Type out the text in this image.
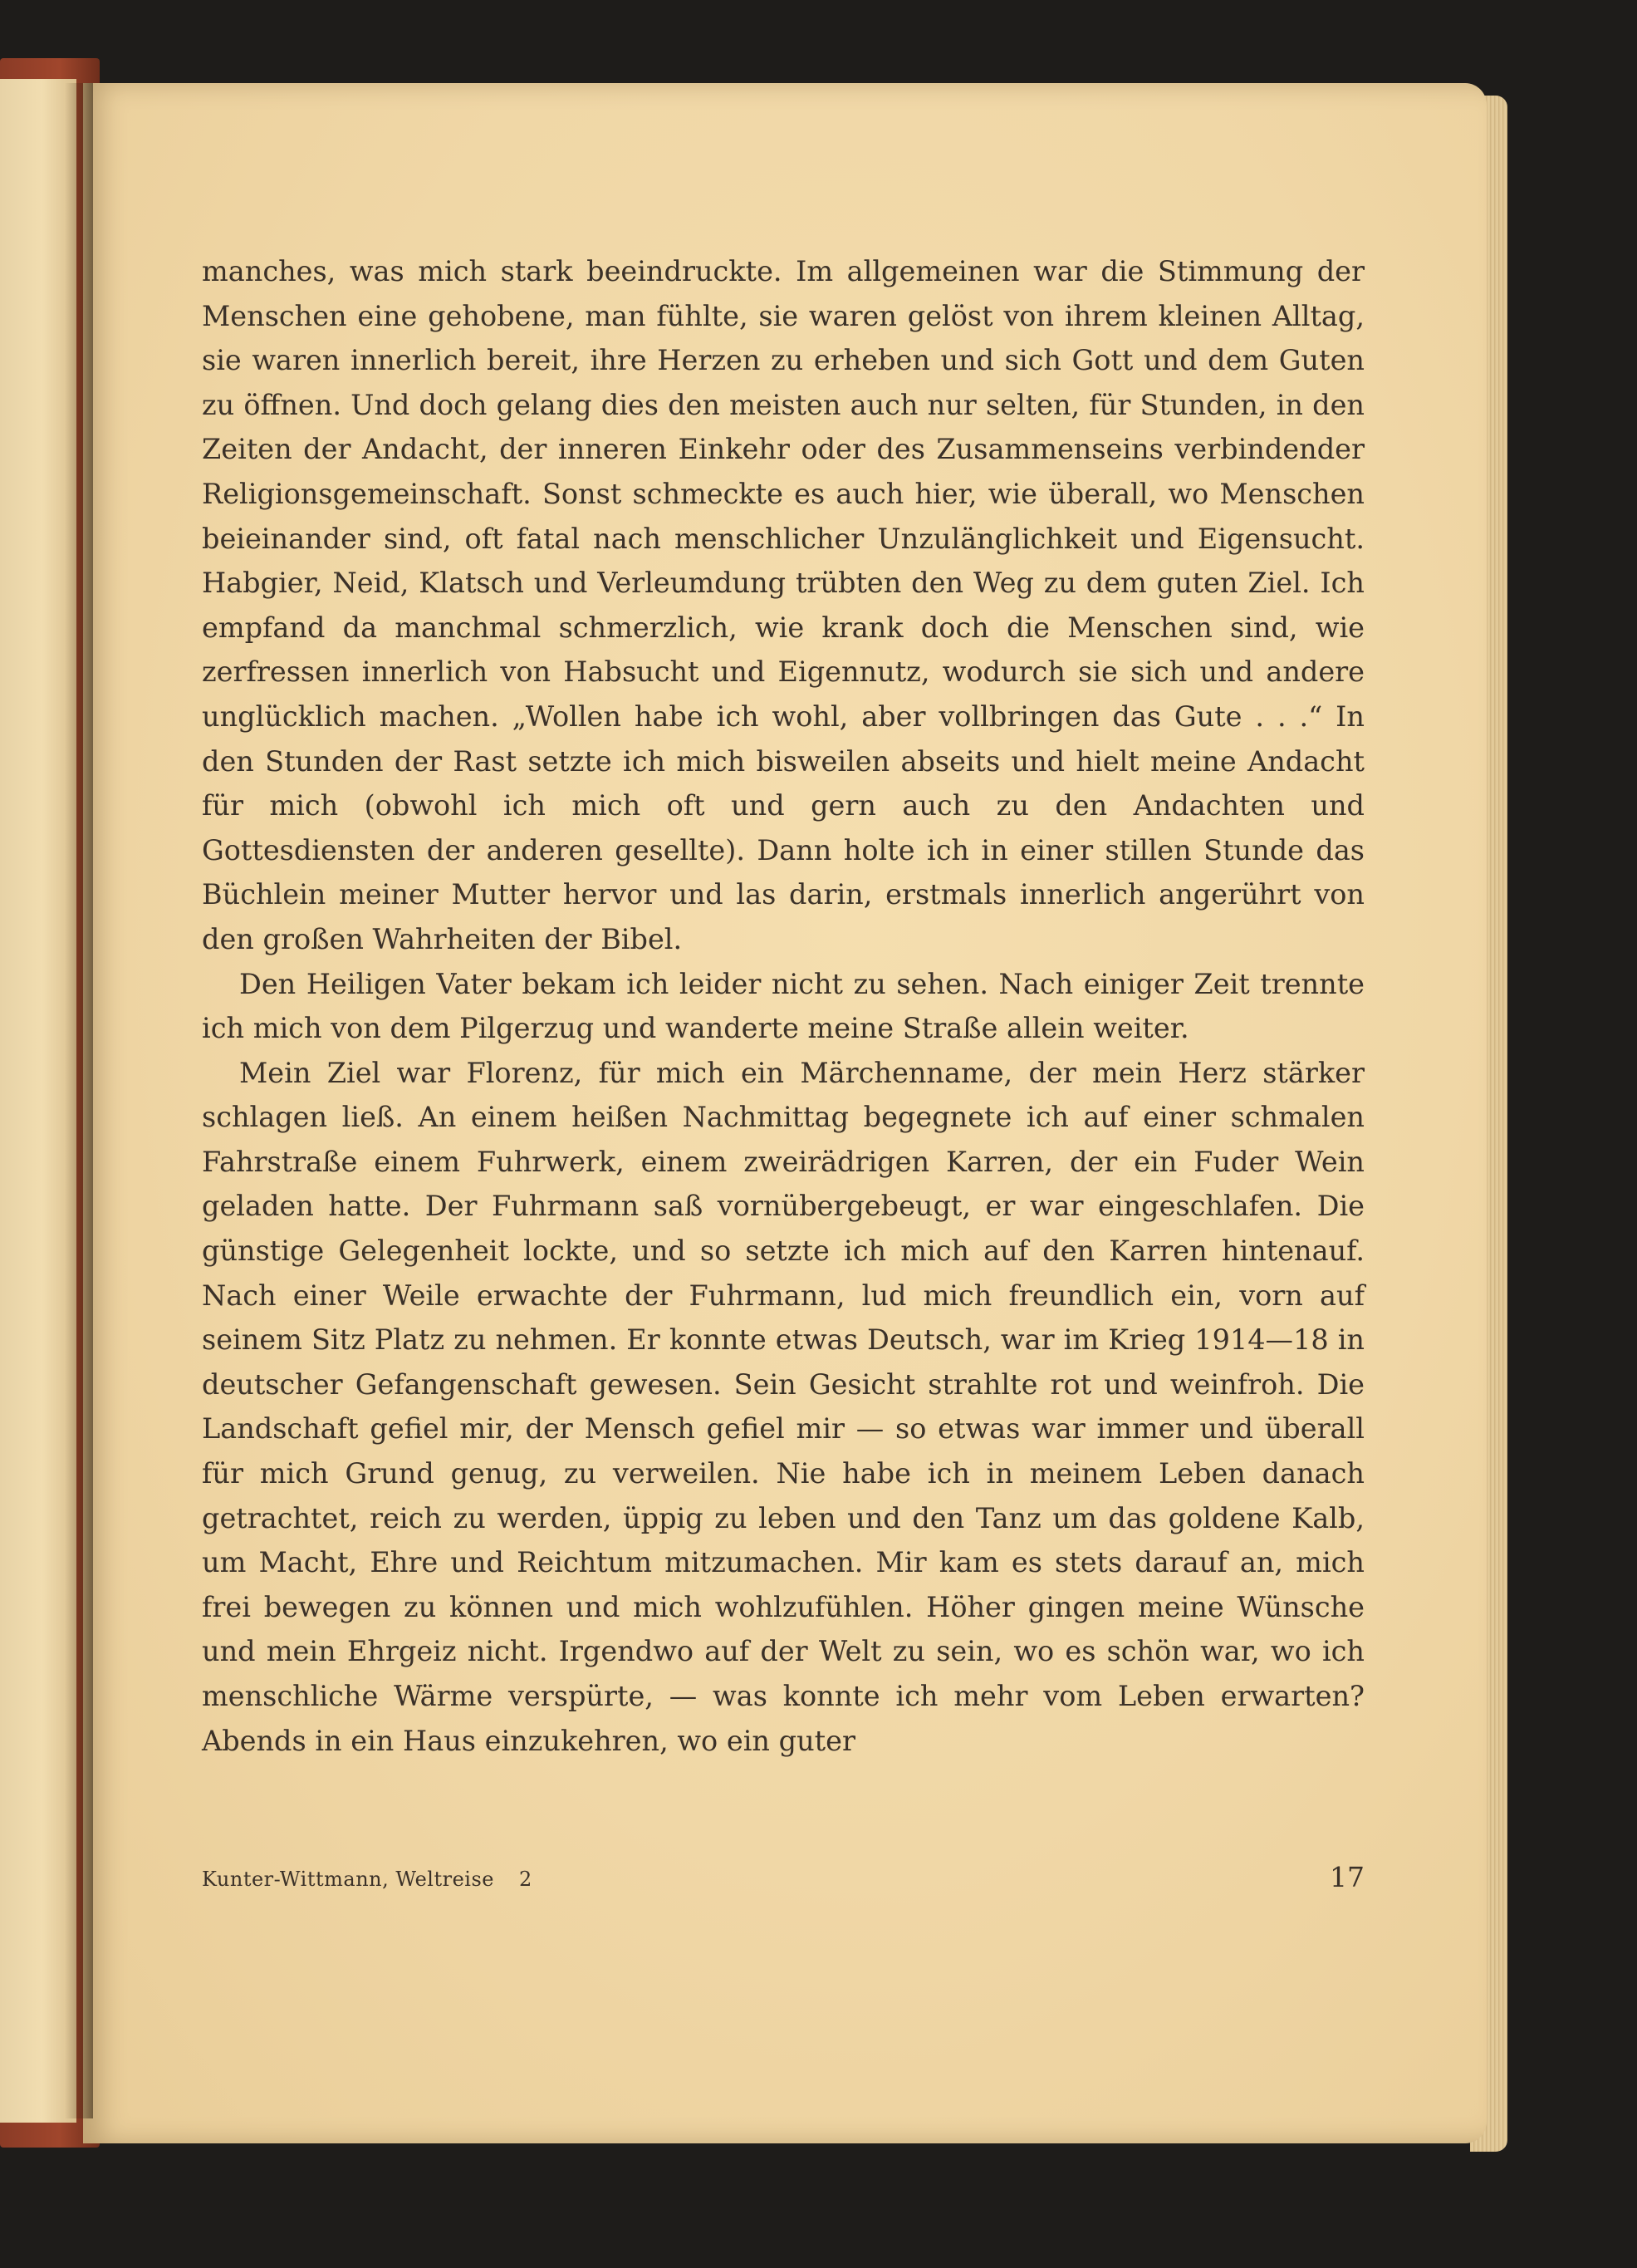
manches, was mich stark beeindruckte. Im allgemeinen war die Stimmung der Menschen eine gehobene, man fühlte, sie waren gelöst von ihrem kleinen Alltag, sie waren innerlich bereit, ihre Herzen zu erheben und sich Gott und dem Guten zu öffnen. Und doch gelang dies den meisten auch nur selten, für Stunden, in den Zeiten der Andacht, der inneren Einkehr oder des Zusammenseins verbindender Religionsgemeinschaft. Sonst schmeckte es auch hier, wie überall, wo Menschen beieinander sind, oft fatal nach menschlicher Unzulänglichkeit und Eigensucht. Habgier, Neid, Klatsch und Verleumdung trübten den Weg zu dem guten Ziel. Ich empfand da manchmal schmerzlich, wie krank doch die Menschen sind, wie zerfressen innerlich von Habsucht und Eigennutz, wodurch sie sich und andere unglücklich machen. „Wollen habe ich wohl, aber vollbringen das Gute . . .“ In den Stunden der Rast setzte ich mich bisweilen abseits und hielt meine Andacht für mich (obwohl ich mich oft und gern auch zu den Andachten und Gottesdiensten der anderen gesellte). Dann holte ich in einer stillen Stunde das Büchlein meiner Mutter hervor und las darin, erstmals innerlich angerührt von den großen Wahrheiten der Bibel.

Den Heiligen Vater bekam ich leider nicht zu sehen. Nach einiger Zeit trennte ich mich von dem Pilgerzug und wanderte meine Straße allein weiter.

Mein Ziel war Florenz, für mich ein Märchenname, der mein Herz stärker schlagen ließ. An einem heißen Nachmittag begegnete ich auf einer schmalen Fahrstraße einem Fuhrwerk, einem zweirädrigen Karren, der ein Fuder Wein geladen hatte. Der Fuhrmann saß vornübergebeugt, er war eingeschlafen. Die günstige Gelegenheit lockte, und so setzte ich mich auf den Karren hintenauf. Nach einer Weile erwachte der Fuhrmann, lud mich freundlich ein, vorn auf seinem Sitz Platz zu nehmen. Er konnte etwas Deutsch, war im Krieg 1914—18 in deutscher Gefangenschaft gewesen. Sein Gesicht strahlte rot und weinfroh. Die Landschaft gefiel mir, der Mensch gefiel mir — so etwas war immer und überall für mich Grund genug, zu verweilen. Nie habe ich in meinem Leben danach getrachtet, reich zu werden, üppig zu leben und den Tanz um das goldene Kalb, um Macht, Ehre und Reichtum mitzumachen. Mir kam es stets darauf an, mich frei bewegen zu können und mich wohlzufühlen. Höher gingen meine Wünsche und mein Ehrgeiz nicht. Irgendwo auf der Welt zu sein, wo es schön war, wo ich menschliche Wärme verspürte, — was konnte ich mehr vom Leben erwarten? Abends in ein Haus einzukehren, wo ein guter

Kunter-Wittmann, Weltreise 2	17
